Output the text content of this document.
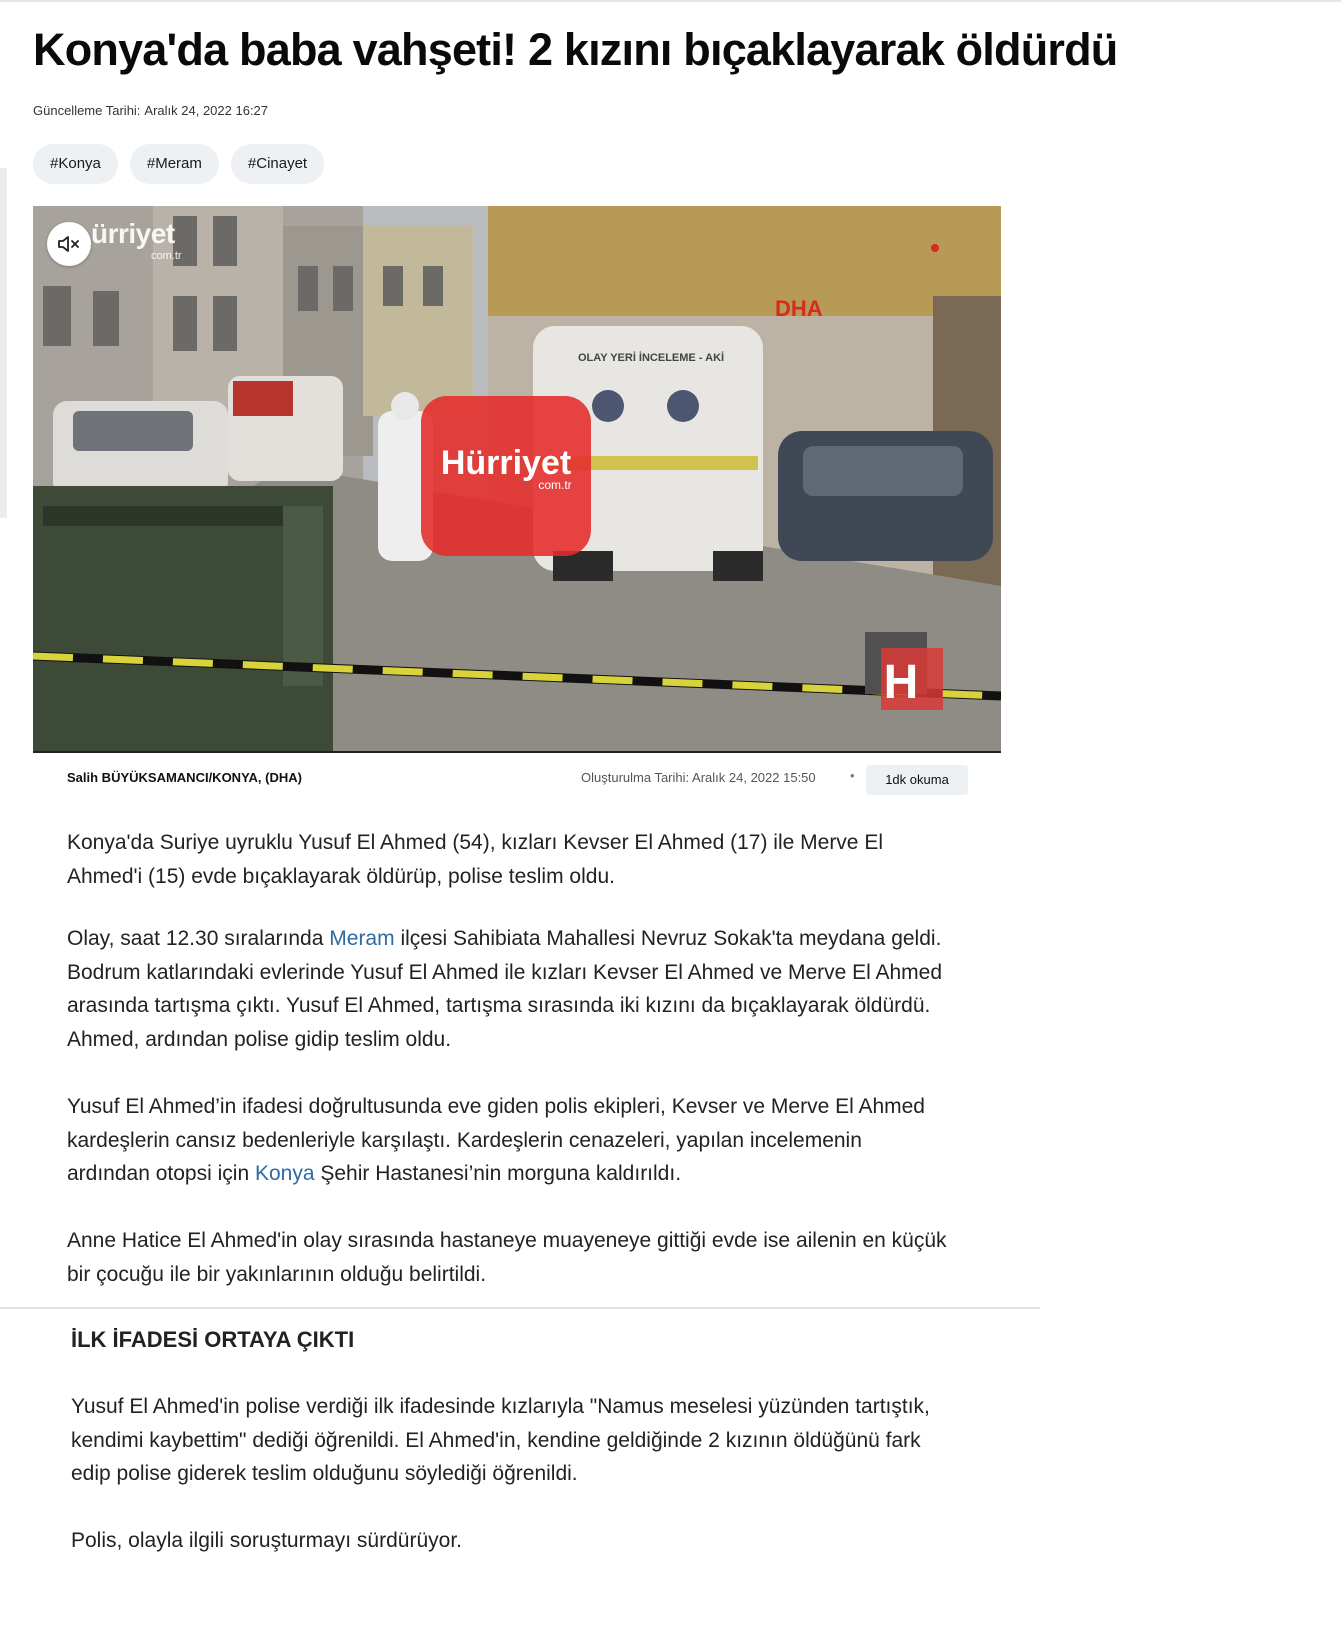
Konya'da baba vahşeti! 2 kızını bıçaklayarak öldürdü
Güncelleme Tarihi: Aralık 24, 2022 16:27
#Konya	#Meram	#Cinayet
OLAY YERİ İNCELEME - AKİ
Hürriyet
com.tr
DHA
H
ürriyet
com.tr
Salih BÜYÜKSAMANCI/KONYA, (DHA)	Oluşturulma Tarihi: Aralık 24, 2022 15:50	•	1dk okuma

Konya'da Suriye uyruklu Yusuf El Ahmed (54), kızları Kevser El Ahmed (17) ile Merve El Ahmed'i (15) evde bıçaklayarak öldürüp, polise teslim oldu.

Olay, saat 12.30 sıralarında Meram ilçesi Sahibiata Mahallesi Nevruz Sokak'ta meydana geldi. Bodrum katlarındaki evlerinde Yusuf El Ahmed ile kızları Kevser El Ahmed ve Merve El Ahmed arasında tartışma çıktı. Yusuf El Ahmed, tartışma sırasında iki kızını da bıçaklayarak öldürdü. Ahmed, ardından polise gidip teslim oldu.

Yusuf El Ahmed’in ifadesi doğrultusunda eve giden polis ekipleri, Kevser ve Merve El Ahmed kardeşlerin cansız bedenleriyle karşılaştı. Kardeşlerin cenazeleri, yapılan incelemenin ardından otopsi için Konya Şehir Hastanesi’nin morguna kaldırıldı.

Anne Hatice El Ahmed'in olay sırasında hastaneye muayeneye gittiği evde ise ailenin en küçük bir çocuğu ile bir yakınlarının olduğu belirtildi.

İLK İFADESİ ORTAYA ÇIKTI

Yusuf El Ahmed'in polise verdiği ilk ifadesinde kızlarıyla "Namus meselesi yüzünden tartıştık, kendimi kaybettim" dediği öğrenildi. El Ahmed'in, kendine geldiğinde 2 kızının öldüğünü fark edip polise giderek teslim olduğunu söylediği öğrenildi.

Polis, olayla ilgili soruşturmayı sürdürüyor.
